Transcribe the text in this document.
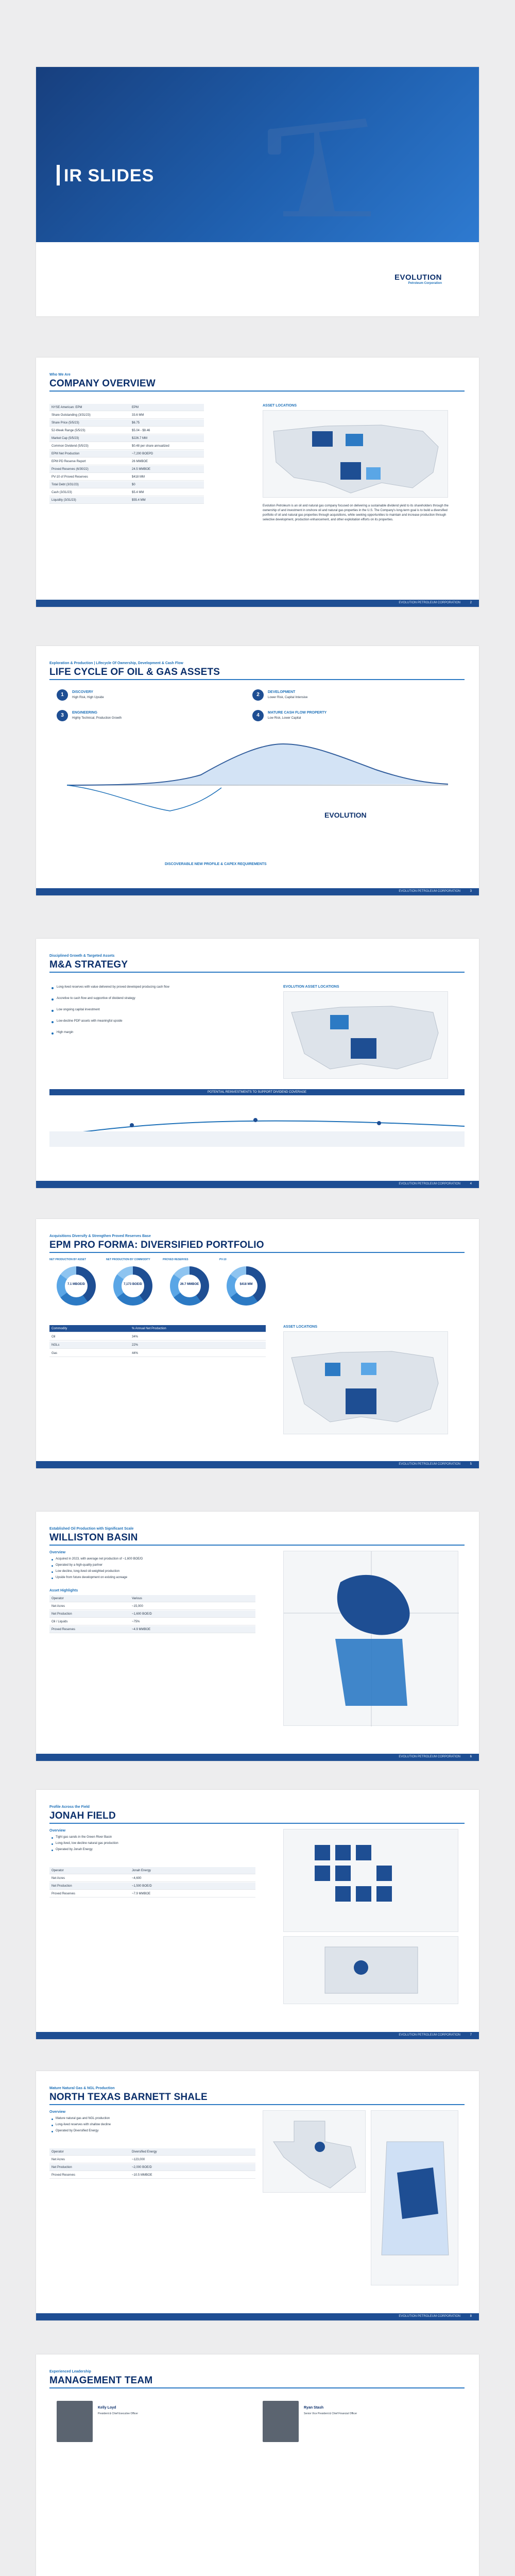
IR SLIDES
EVOLUTION
Petroleum Corporation
Who We Are
COMPANY OVERVIEW
NYSE American: EPM	EPM
Share Outstanding (3/31/23)	33.6 MM
Share Price (5/5/23)	$6.75
52-Week Range (5/5/23)	$5.04 - $9.46
Market Cap (5/5/23)	$226.7 MM
Common Dividend (5/5/23)	$0.48 per share annualized
EPM Net Production	~7,200 BOEPD
EPM PD Reserve Report	26 MMBOE
Proved Reserves (6/30/22)	24.5 MMBOE
PV-10 of Proved Reserves	$418 MM
Total Debt (3/31/23)	$0
Cash (3/31/23)	$5.4 MM
Liquidity (3/31/23)	$55.4 MM
ASSET LOCATIONS
Evolution Petroleum is an oil and natural gas company focused on delivering a sustainable dividend yield to its shareholders through the ownership of and investment in onshore oil and natural gas properties in the U.S. The Company's long-term goal is to build a diversified portfolio of oil and natural gas properties through acquisitions, while seeking opportunities to maintain and increase production through selective development, production enhancement, and other exploitation efforts on its properties.
EVOLUTION PETROLEUM CORPORATION	2
Exploration & Production | Lifecycle Of Ownership, Development & Cash Flow
LIFE CYCLE OF OIL & GAS ASSETS
1	DISCOVERY
High Risk, High Upside	2	DEVELOPMENT
Lower Risk, Capital Intensive
3	ENGINEERING
Highly Technical, Production Growth	4	MATURE CASH FLOW PROPERTY
Low Risk, Lower Capital
EVOLUTION
DISCOVERABLE NEW PROFILE & CAPEX REQUIREMENTS
EVOLUTION PETROLEUM CORPORATION	3
Disciplined Growth & Targeted Assets
M&A STRATEGY
Long-lived reserves with value delivered by proved developed producing cash flow
Accretive to cash flow and supportive of dividend strategy
Low ongoing capital investment
Low-decline PDP assets with meaningful upside
High margin
EVOLUTION ASSET LOCATIONS
POTENTIAL REINVESTMENTS TO SUPPORT DIVIDEND COVERAGE
EVOLUTION PETROLEUM CORPORATION	4
Acquisitions Diversify & Strengthen Proved Reserves Base
EPM PRO FORMA: DIVERSIFIED PORTFOLIO
NET PRODUCTION BY ASSET
7.1 MBOE/D
NET PRODUCTION BY COMMODITY
7,173 BOE/D
PROVED RESERVES
26.7 MMBOE
PV-10
$418 MM
Commodity	% Annual Net Production
Oil	34%
NGLs	22%
Gas	44%
ASSET LOCATIONS
EVOLUTION PETROLEUM CORPORATION	5
Established Oil Production with Significant Scale
WILLISTON BASIN
Overview
Acquired in 2023, with average net production of ~1,600 BOE/D
Operated by a high-quality partner
Low decline, long-lived oil-weighted production
Upside from future development on existing acreage
Asset Highlights
Operator	Various
Net Acres	~15,000
Net Production	~1,600 BOE/D
Oil / Liquids	~75%
Proved Reserves	~4.9 MMBOE
EVOLUTION PETROLEUM CORPORATION	6
Profile Across the Field
JONAH FIELD
Overview
Tight gas sands in the Green River Basin
Long-lived, low decline natural gas production
Operated by Jonah Energy
Operator	Jonah Energy
Net Acres	~4,600
Net Production	~1,500 BOE/D
Proved Reserves	~7.9 MMBOE
EVOLUTION PETROLEUM CORPORATION	7
Mature Natural Gas & NGL Production
NORTH TEXAS BARNETT SHALE
Overview
Mature natural gas and NGL production
Long-lived reserves with shallow decline
Operated by Diversified Energy
Operator	Diversified Energy
Net Acres	~123,000
Net Production	~2,000 BOE/D
Proved Reserves	~10.5 MMBOE
EVOLUTION PETROLEUM CORPORATION	8
Experienced Leadership
MANAGEMENT TEAM
Kelly Loyd
President & Chief Executive Officer
Ryan Stash
Senior Vice President & Chief Financial Officer
